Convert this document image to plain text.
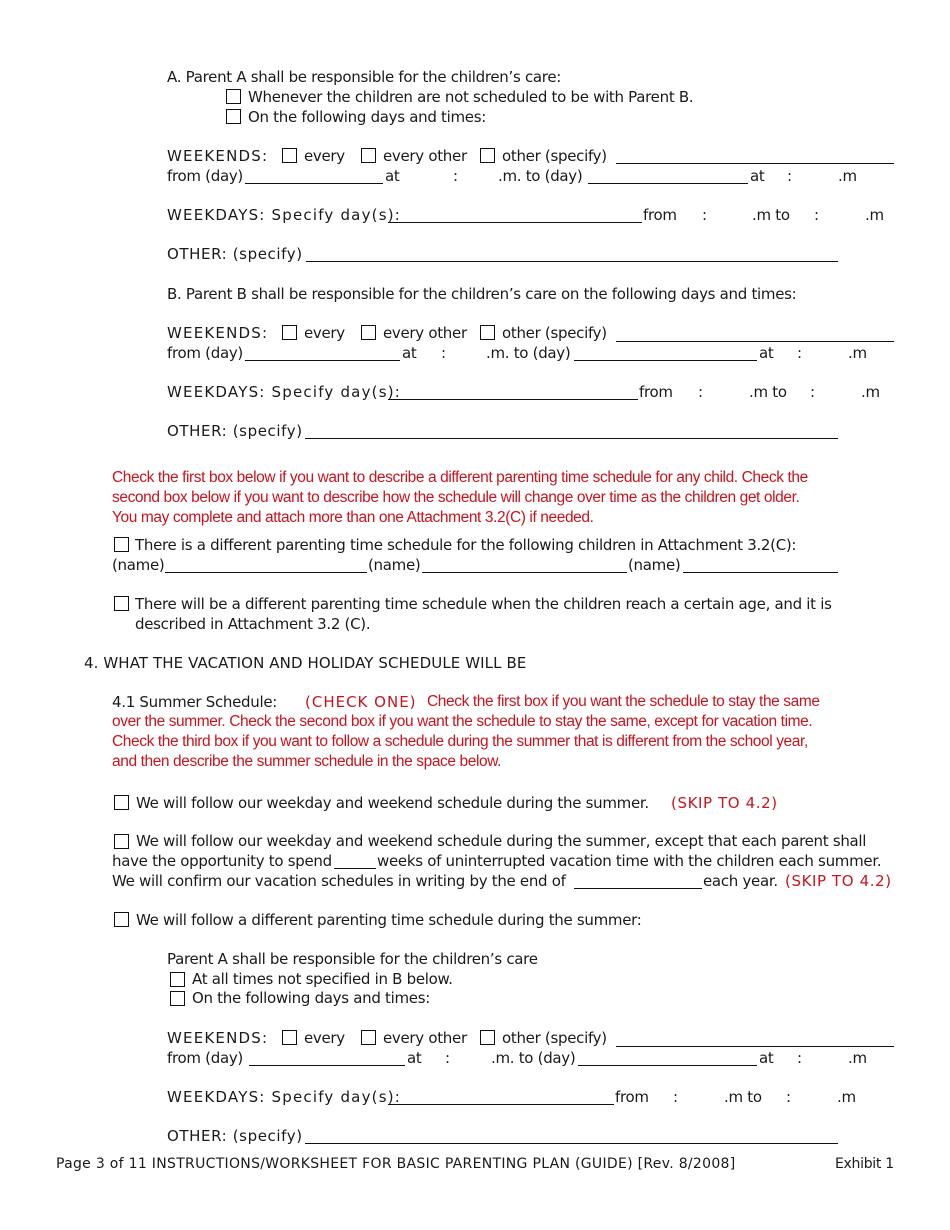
A. Parent A shall be responsible for the children’s care:
Whenever the children are not scheduled to be with Parent B.
On the following days and times:
WEEKENDS: every	every other other (specify)
from (day)	at	:	.m. to (day)	at :	.m
WEEKDAYS: Specify day(s):	from :	.m to :	.m
OTHER: (specify)
B. Parent B shall be responsible for the children’s care on the following days and times:
WEEKENDS: every	every other other (specify)
from (day)	at :	.m. to (day)	at :	.m
WEEKDAYS: Specify day(s):	from :	.m to :	.m
OTHER: (specify)
Check the first box below if you want to describe a different parenting time schedule for any child. Check the
second box below if you want to describe how the schedule will change over time as the children get older.
You may complete and attach more than one Attachment 3.2(C) if needed.
There is a different parenting time schedule for the following children in Attachment 3.2(C):
(name)	(name)	(name)
There will be a different parenting time schedule when the children reach a certain age, and it is
described in Attachment 3.2 (C).
4. WHAT THE VACATION AND HOLIDAY SCHEDULE WILL BE
4.1 Summer Schedule: (CHECK ONE) Check the first box if you want the schedule to stay the same
over the summer. Check the second box if you want the schedule to stay the same, except for vacation time.
Check the third box if you want to follow a schedule during the summer that is different from the school year,
and then describe the summer schedule in the space below.
We will follow our weekday and weekend schedule during the summer. (SKIP TO 4.2)
We will follow our weekday and weekend schedule during the summer, except that each parent shall
have the opportunity to spend	weeks of uninterrupted vacation time with the children each summer.
We will confirm our vacation schedules in writing by the end of	each year. (SKIP TO 4.2)
We will follow a different parenting time schedule during the summer:
Parent A shall be responsible for the children’s care
At all times not specified in B below.
On the following days and times:
WEEKENDS: every	every other other (specify)
from (day)	at :	.m. to (day)	at :	.m
WEEKDAYS: Specify day(s):	from :	.m to :	.m
OTHER: (specify)
Page 3 of 11 INSTRUCTIONS/WORKSHEET FOR BASIC PARENTING PLAN (GUIDE) [Rev. 8/2008]	Exhibit 1
